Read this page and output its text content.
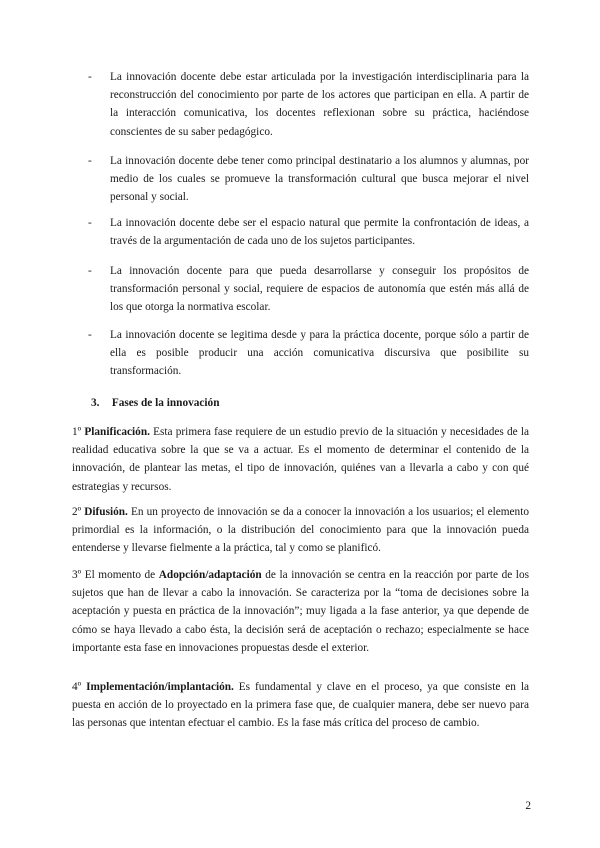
-	La innovación docente debe estar articulada por la investigación interdisciplinaria para la reconstrucción del conocimiento por parte de los actores que participan en ella. A partir de la interacción comunicativa, los docentes reflexionan sobre su práctica, haciéndose conscientes de su saber pedagógico.
-	La innovación docente debe tener como principal destinatario a los alumnos y alumnas, por medio de los cuales se promueve la transformación cultural que busca mejorar el nivel personal y social.
-	La innovación docente debe ser el espacio natural que permite la confrontación de ideas, a través de la argumentación de cada uno de los sujetos participantes.
-	La innovación docente para que pueda desarrollarse y conseguir los propósitos de transformación personal y social, requiere de espacios de autonomía que estén más allá de los que otorga la normativa escolar.
-	La innovación docente se legitima desde y para la práctica docente, porque sólo a partir de ella es posible producir una acción comunicativa discursiva que posibilite su transformación.
3. Fases de la innovación
1º Planificación. Esta primera fase requiere de un estudio previo de la situación y necesidades de la realidad educativa sobre la que se va a actuar. Es el momento de determinar el contenido de la innovación, de plantear las metas, el tipo de innovación, quiénes van a llevarla a cabo y con qué estrategias y recursos.
2º Difusión. En un proyecto de innovación se da a conocer la innovación a los usuarios; el elemento primordial es la información, o la distribución del conocimiento para que la innovación pueda entenderse y llevarse fielmente a la práctica, tal y como se planificó.
3º El momento de Adopción/adaptación de la innovación se centra en la reacción por parte de los sujetos que han de llevar a cabo la innovación. Se caracteriza por la “toma de decisiones sobre la aceptación y puesta en práctica de la innovación”; muy ligada a la fase anterior, ya que depende de cómo se haya llevado a cabo ésta, la decisión será de aceptación o rechazo; especialmente se hace importante esta fase en innovaciones propuestas desde el exterior.
4º Implementación/implantación. Es fundamental y clave en el proceso, ya que consiste en la puesta en acción de lo proyectado en la primera fase que, de cualquier manera, debe ser nuevo para las personas que intentan efectuar el cambio. Es la fase más crítica del proceso de cambio.
2
